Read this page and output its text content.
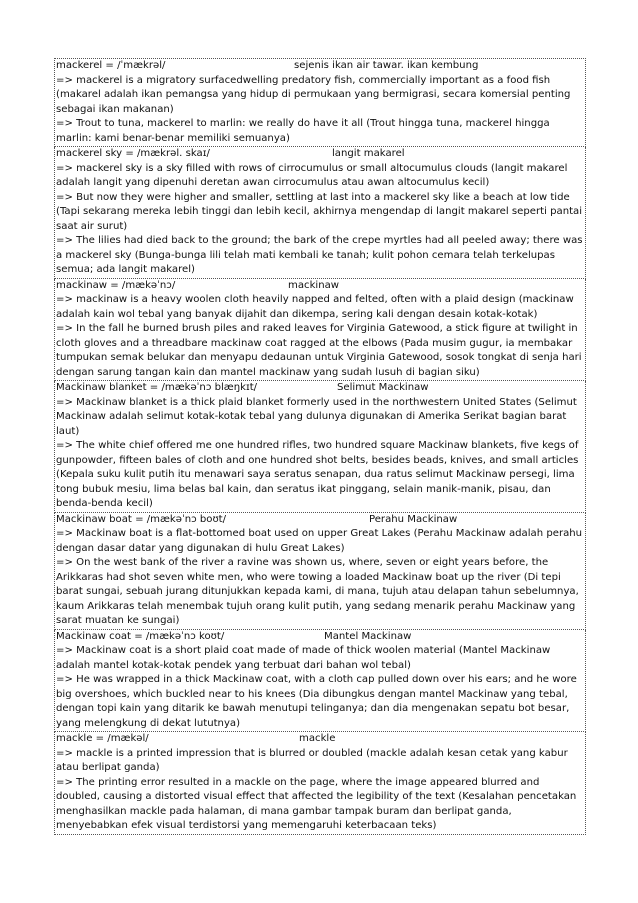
mackerel = /ˈmækrəl/	sejenis ikan air tawar. ikan kembung

=> mackerel is a migratory surfacedwelling predatory fish, commercially important as a food fish (makarel adalah ikan pemangsa yang hidup di permukaan yang bermigrasi, secara komersial penting sebagai ikan makanan)

=> Trout to tuna, mackerel to marlin: we really do have it all (Trout hingga tuna, mackerel hingga marlin: kami benar-benar memiliki semuanya)

mackerel sky = /mækrəl. skaɪ/	langit makarel

=> mackerel sky is a sky filled with rows of cirrocumulus or small altocumulus clouds (langit makarel adalah langit yang dipenuhi deretan awan cirrocumulus atau awan altocumulus kecil)

=> But now they were higher and smaller, settling at last into a mackerel sky like a beach at low tide (Tapi sekarang mereka lebih tinggi dan lebih kecil, akhirnya mengendap di langit makarel seperti pantai saat air surut)

=> The lilies had died back to the ground; the bark of the crepe myrtles had all peeled away; there was a mackerel sky (Bunga-bunga lili telah mati kembali ke tanah; kulit pohon cemara telah terkelupas semua; ada langit makarel)

mackinaw = /mækəˈnɔ/	mackinaw

=> mackinaw is a heavy woolen cloth heavily napped and felted, often with a plaid design (mackinaw adalah kain wol tebal yang banyak dijahit dan dikempa, sering kali dengan desain kotak-kotak)

=> In the fall he burned brush piles and raked leaves for Virginia Gatewood, a stick figure at twilight in cloth gloves and a threadbare mackinaw coat ragged at the elbows (Pada musim gugur, ia membakar tumpukan semak belukar dan menyapu dedaunan untuk Virginia Gatewood, sosok tongkat di senja hari dengan sarung tangan kain dan mantel mackinaw yang sudah lusuh di bagian siku)

Mackinaw blanket = /mækəˈnɔ blæŋkɪt/	Selimut Mackinaw

=> Mackinaw blanket is a thick plaid blanket formerly used in the northwestern United States (Selimut Mackinaw adalah selimut kotak-kotak tebal yang dulunya digunakan di Amerika Serikat bagian barat laut)

=> The white chief offered me one hundred rifles, two hundred square Mackinaw blankets, five kegs of gunpowder, fifteen bales of cloth and one hundred shot belts, besides beads, knives, and small articles (Kepala suku kulit putih itu menawari saya seratus senapan, dua ratus selimut Mackinaw persegi, lima tong bubuk mesiu, lima belas bal kain, dan seratus ikat pinggang, selain manik-manik, pisau, dan benda-benda kecil)

Mackinaw boat = /mækəˈnɔ boʊt/	Perahu Mackinaw

=> Mackinaw boat is a flat-bottomed boat used on upper Great Lakes (Perahu Mackinaw adalah perahu dengan dasar datar yang digunakan di hulu Great Lakes)

=> On the west bank of the river a ravine was shown us, where, seven or eight years before, the Arikkaras had shot seven white men, who were towing a loaded Mackinaw boat up the river (Di tepi barat sungai, sebuah jurang ditunjukkan kepada kami, di mana, tujuh atau delapan tahun sebelumnya, kaum Arikkaras telah menembak tujuh orang kulit putih, yang sedang menarik perahu Mackinaw yang sarat muatan ke sungai)

Mackinaw coat = /mækəˈnɔ koʊt/	Mantel Mackinaw

=> Mackinaw coat is a short plaid coat made of made of thick woolen material (Mantel Mackinaw adalah mantel kotak-kotak pendek yang terbuat dari bahan wol tebal)

=> He was wrapped in a thick Mackinaw coat, with a cloth cap pulled down over his ears; and he wore big overshoes, which buckled near to his knees (Dia dibungkus dengan mantel Mackinaw yang tebal, dengan topi kain yang ditarik ke bawah menutupi telinganya; dan dia mengenakan sepatu bot besar, yang melengkung di dekat lututnya)

mackle = /mækəl/	mackle

=> mackle is a printed impression that is blurred or doubled (mackle adalah kesan cetak yang kabur atau berlipat ganda)

=> The printing error resulted in a mackle on the page, where the image appeared blurred and doubled, causing a distorted visual effect that affected the legibility of the text (Kesalahan pencetakan menghasilkan mackle pada halaman, di mana gambar tampak buram dan berlipat ganda, menyebabkan efek visual terdistorsi yang memengaruhi keterbacaan teks)
